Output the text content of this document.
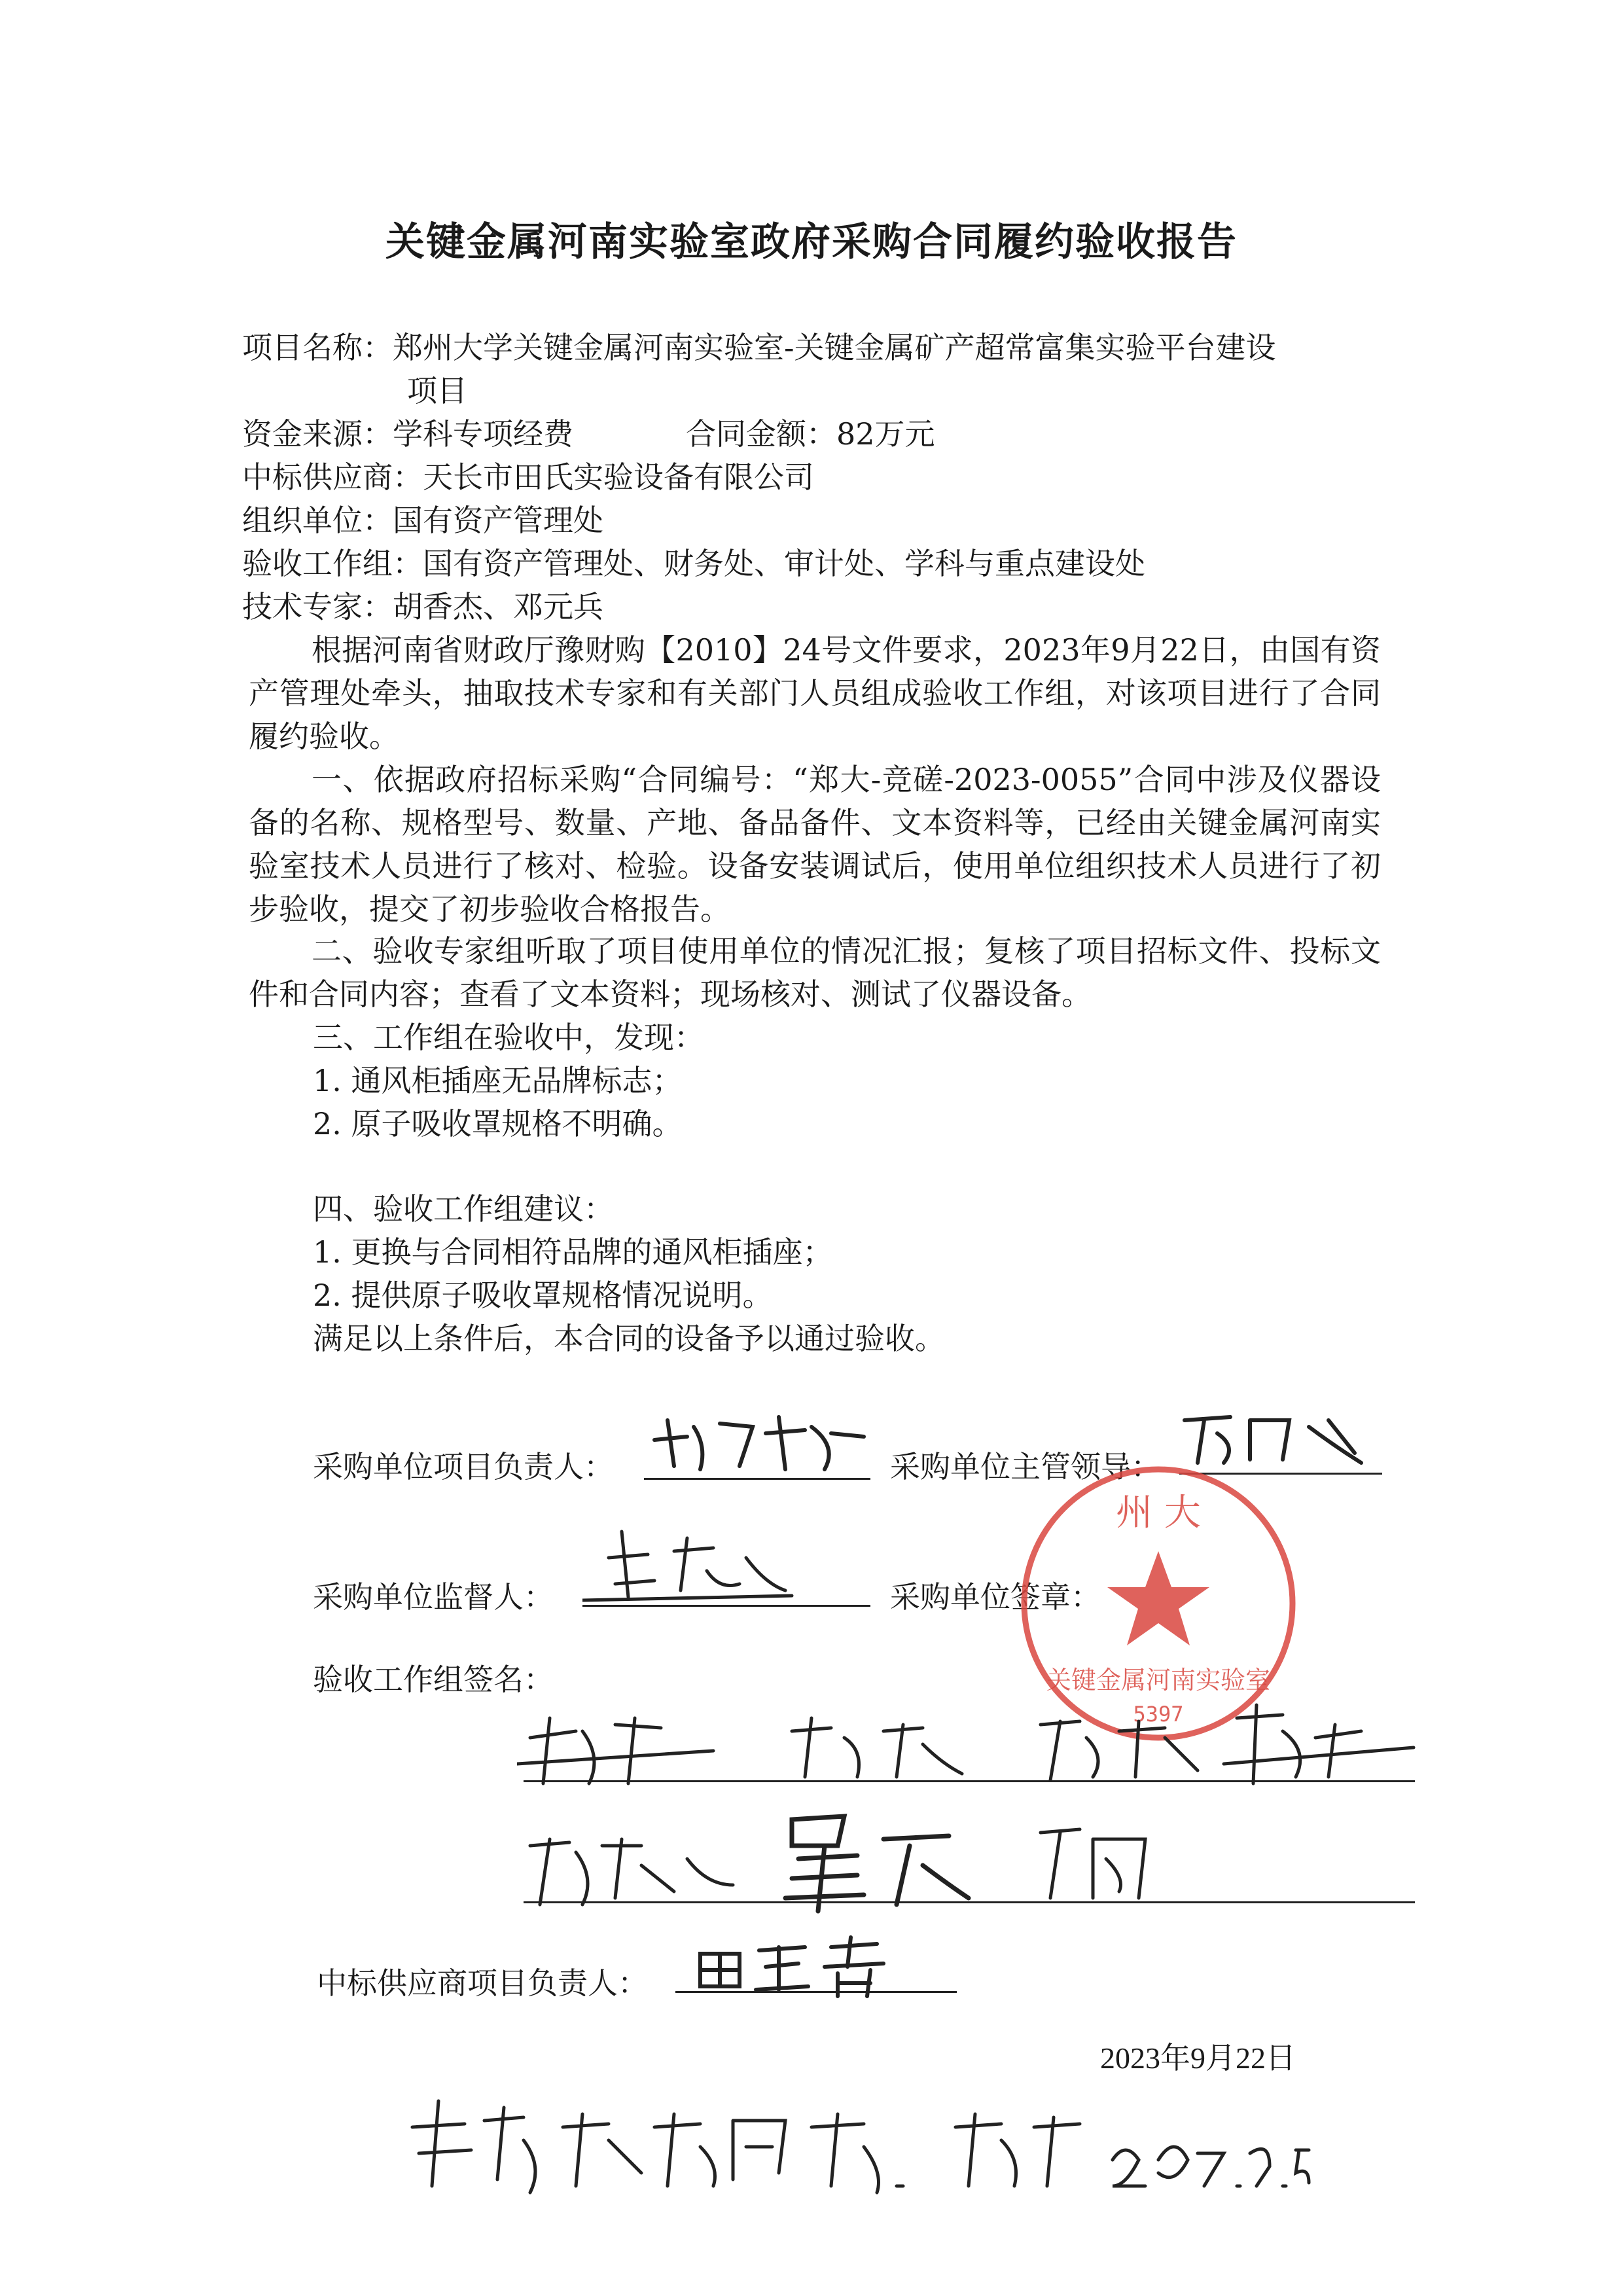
关键金属河南实验室政府采购合同履约验收报告
项目名称：郑州大学关键金属河南实验室-关键金属矿产超常富集实验平台建设
项目
资金来源：学科专项经费	合同金额：82万元
中标供应商：天长市田氏实验设备有限公司
组织单位：国有资产管理处
验收工作组：国有资产管理处、财务处、审计处、学科与重点建设处
技术专家：胡香杰、邓元兵
根据河南省财政厅豫财购【2010】24号文件要求，2023年9月22日，由国有资产管理处牵头，抽取技术专家和有关部门人员组成验收工作组，对该项目进行了合同履约验收。
一、依据政府招标采购“合同编号：“郑大-竞磋-2023-0055”合同中涉及仪器设备的名称、规格型号、数量、产地、备品备件、文本资料等，已经由关键金属河南实验室技术人员进行了核对、检验。设备安装调试后，使用单位组织技术人员进行了初步验收，提交了初步验收合格报告。
二、验收专家组听取了项目使用单位的情况汇报；复核了项目招标文件、投标文件和合同内容；查看了文本资料；现场核对、测试了仪器设备。
三、工作组在验收中，发现：
1. 通风柜插座无品牌标志；
2. 原子吸收罩规格不明确。
四、验收工作组建议：
1. 更换与合同相符品牌的通风柜插座；
2. 提供原子吸收罩规格情况说明。
满足以上条件后，本合同的设备予以通过验收。
采购单位项目负责人：	采购单位主管领导：
采购单位监督人：	采购单位签章：
州 大
关键金属河南实验室
5397
验收工作组签名：
中标供应商项目负责人：
2023年9月22日
